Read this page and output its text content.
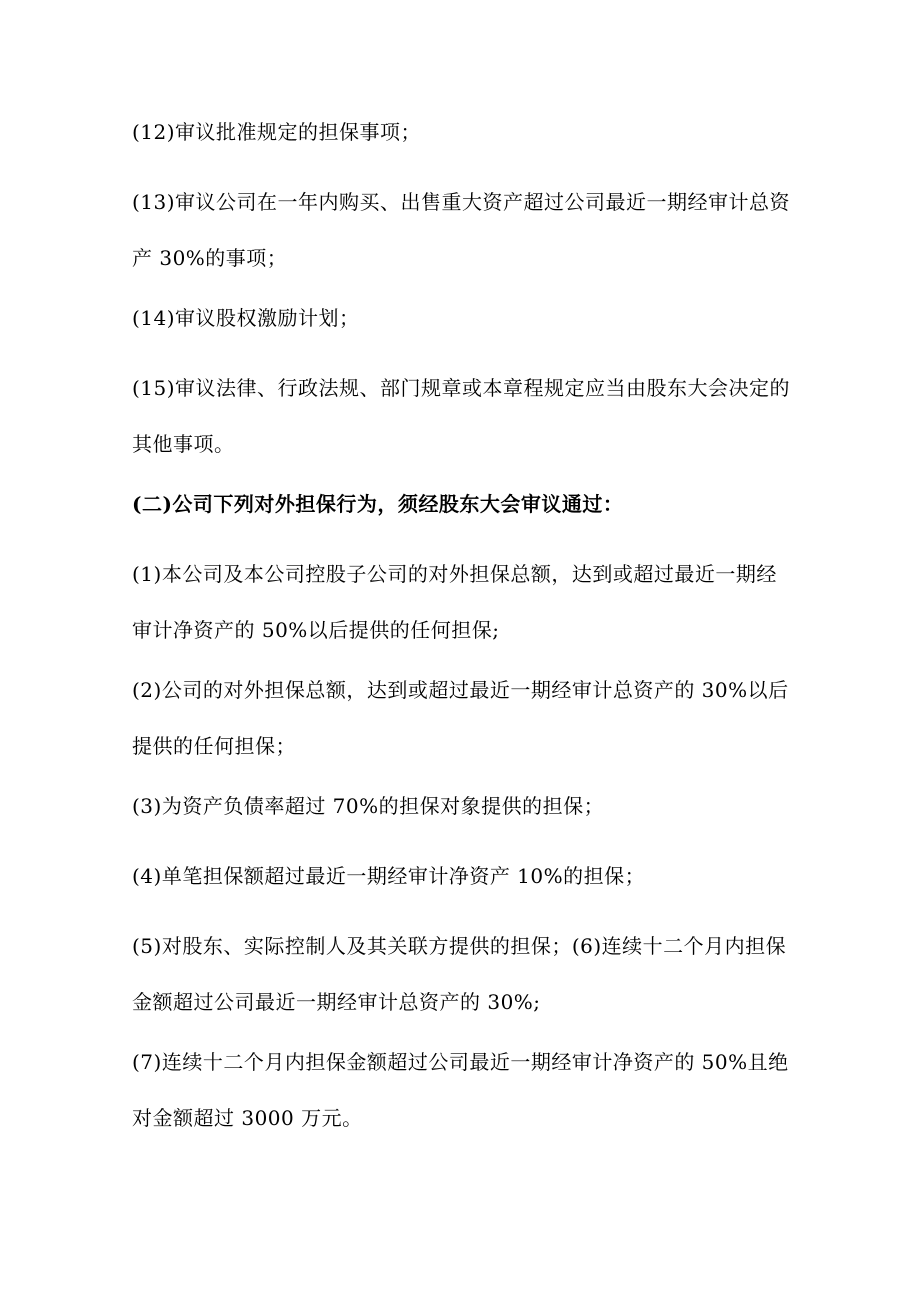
(12)审议批准规定的担保事项；

(13)审议公司在一年内购买、出售重大资产超过公司最近一期经审计总资产 30%的事项；

(14)审议股权激励计划；

(15)审议法律、行政法规、部门规章或本章程规定应当由股东大会决定的其他事项。

(二)公司下列对外担保行为，须经股东大会审议通过：

(1)本公司及本公司控股子公司的对外担保总额，达到或超过最近一期经审计净资产的 50%以后提供的任何担保;

(2)公司的对外担保总额，达到或超过最近一期经审计总资产的 30%以后提供的任何担保；

(3)为资产负债率超过 70%的担保对象提供的担保；

(4)单笔担保额超过最近一期经审计净资产 10%的担保；

(5)对股东、实际控制人及其关联方提供的担保；(6)连续十二个月内担保金额超过公司最近一期经审计总资产的 30%;

(7)连续十二个月内担保金额超过公司最近一期经审计净资产的 50%且绝对金额超过 3000 万元。
